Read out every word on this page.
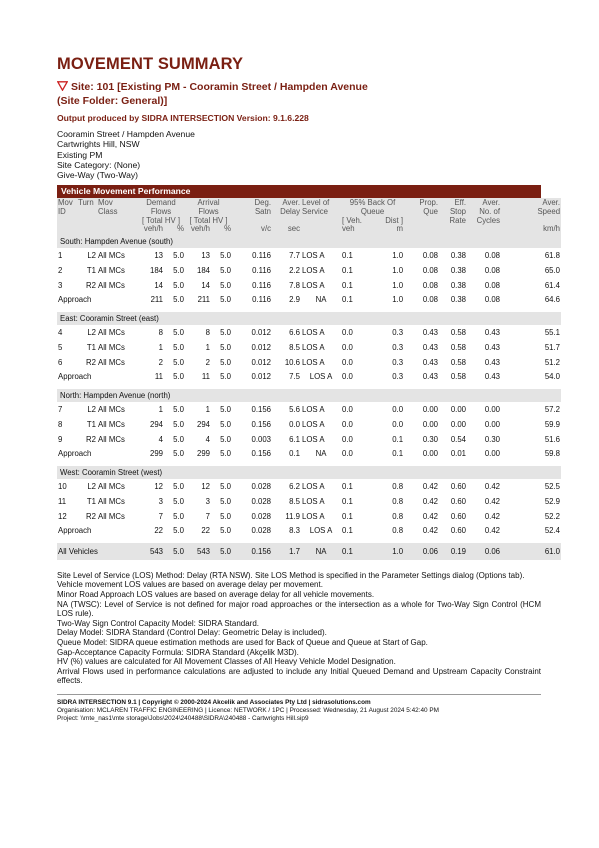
MOVEMENT SUMMARY
Site: 101 [Existing PM - Cooramin Street / Hampden Avenue
(Site Folder: General)]
Output produced by SIDRA INTERSECTION Version: 9.1.6.228
Cooramin Street / Hampden Avenue
Cartwrights Hill, NSW
Existing PM
Site Category: (None)
Give-Way (Two-Way)
Vehicle Movement Performance
Mov	Turn	Mov	Demand		Arrival		Deg.	Aver.	Level of	95% Back Of		Prop.	Eff.	Aver.	Aver.
ID		Class	Flows		Flows		Satn	Delay	Service	Queue		Que	Stop	No. of	Speed
			[ Total HV ]		[ Total HV ]					[ Veh.	Dist ]		Rate	Cycles	
			veh/h	%	veh/h	%	v/c	sec		veh	m				km/h
South: Hampden Avenue (south)															
1	L2	All MCs	13	5.0	13	5.0	0.116	7.7	LOS A	0.1	1.0	0.08	0.38	0.08	61.8
2	T1	All MCs	184	5.0	184	5.0	0.116	2.2	LOS A	0.1	1.0	0.08	0.38	0.08	65.0
3	R2	All MCs	14	5.0	14	5.0	0.116	7.8	LOS A	0.1	1.0	0.08	0.38	0.08	61.4
Approach			211	5.0	211	5.0	0.116	2.9	NA	0.1	1.0	0.08	0.38	0.08	64.6

East: Cooramin Street (east)															
4	L2	All MCs	8	5.0	8	5.0	0.012	6.6	LOS A	0.0	0.3	0.43	0.58	0.43	55.1
5	T1	All MCs	1	5.0	1	5.0	0.012	8.5	LOS A	0.0	0.3	0.43	0.58	0.43	51.7
6	R2	All MCs	2	5.0	2	5.0	0.012	10.6	LOS A	0.0	0.3	0.43	0.58	0.43	51.2
Approach			11	5.0	11	5.0	0.012	7.5	LOS A	0.0	0.3	0.43	0.58	0.43	54.0

North: Hampden Avenue (north)															
7	L2	All MCs	1	5.0	1	5.0	0.156	5.6	LOS A	0.0	0.0	0.00	0.00	0.00	57.2
8	T1	All MCs	294	5.0	294	5.0	0.156	0.0	LOS A	0.0	0.0	0.00	0.00	0.00	59.9
9	R2	All MCs	4	5.0	4	5.0	0.003	6.1	LOS A	0.0	0.1	0.30	0.54	0.30	51.6
Approach			299	5.0	299	5.0	0.156	0.1	NA	0.0	0.1	0.00	0.01	0.00	59.8

West: Cooramin Street (west)															
10	L2	All MCs	12	5.0	12	5.0	0.028	6.2	LOS A	0.1	0.8	0.42	0.60	0.42	52.5
11	T1	All MCs	3	5.0	3	5.0	0.028	8.5	LOS A	0.1	0.8	0.42	0.60	0.42	52.9
12	R2	All MCs	7	5.0	7	5.0	0.028	11.9	LOS A	0.1	0.8	0.42	0.60	0.42	52.2
Approach			22	5.0	22	5.0	0.028	8.3	LOS A	0.1	0.8	0.42	0.60	0.42	52.4

All Vehicles			543	5.0	543	5.0	0.156	1.7	NA	0.1	1.0	0.06	0.19	0.06	61.0

Site Level of Service (LOS) Method: Delay (RTA NSW). Site LOS Method is specified in the Parameter Settings dialog (Options tab).

Vehicle movement LOS values are based on average delay per movement.

Minor Road Approach LOS values are based on average delay for all vehicle movements.

NA (TWSC): Level of Service is not defined for major road approaches or the intersection as a whole for Two-Way Sign Control (HCM LOS rule).

Two-Way Sign Control Capacity Model: SIDRA Standard.

Delay Model: SIDRA Standard (Control Delay: Geometric Delay is included).

Queue Model: SIDRA queue estimation methods are used for Back of Queue and Queue at Start of Gap.

Gap-Acceptance Capacity Formula: SIDRA Standard (Akçelik M3D).

HV (%) values are calculated for All Movement Classes of All Heavy Vehicle Model Designation.

Arrival Flows used in performance calculations are adjusted to include any Initial Queued Demand and Upstream Capacity Constraint effects.

SIDRA INTERSECTION 9.1 | Copyright © 2000-2024 Akcelik and Associates Pty Ltd | sidrasolutions.com
Organisation: MCLAREN TRAFFIC ENGINEERING | Licence: NETWORK / 1PC | Processed: Wednesday, 21 August 2024 5:42:40 PM
Project: \\mte_nas1\mte storage\Jobs\2024\240488\SIDRA\240488 - Cartwrights Hill.sip9
